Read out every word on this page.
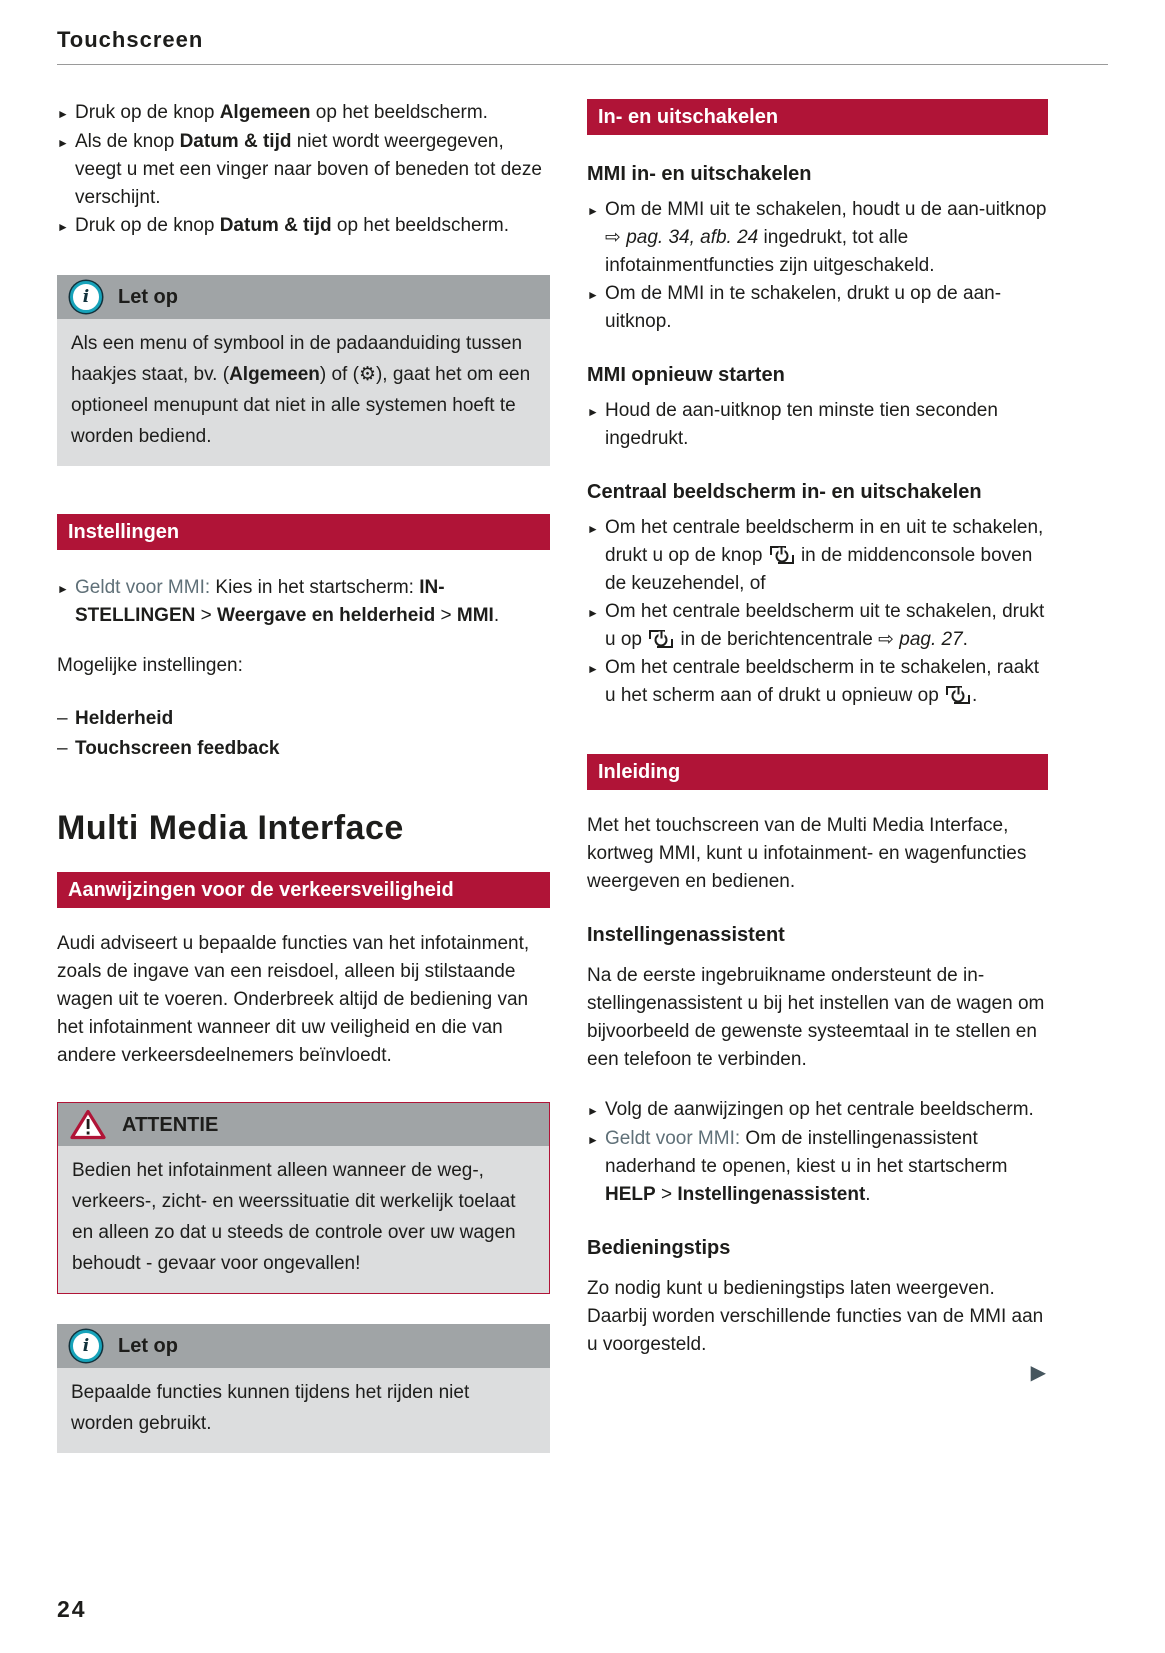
Touchscreen
► Druk op de knop Algemeen op het beeldscherm.
► Als de knop Datum & tijd niet wordt weergegeven, veegt u met een vinger naar boven of beneden tot deze verschijnt.
► Druk op de knop Datum & tijd op het beeldscherm.
i Let op
Als een menu of symbool in de padaanduiding tussen haakjes staat, bv. (Algemeen) of (⚙), gaat het om een optioneel menupunt dat niet in alle systemen hoeft te worden bediend.
Instellingen
► Geldt voor MMI: Kies in het startscherm: INSTELLINGEN > Weergave en helderheid > MMI.

Mogelijke instellingen:

– Helderheid
– Touchscreen feedback
Multi Media Interface
Aanwijzingen voor de verkeersveiligheid

Audi adviseert u bepaalde functies van het infotainment, zoals de ingave van een reisdoel, alleen bij stilstaande wagen uit te voeren. Onderbreek altijd de bediening van het infotainment wanneer dit uw veiligheid en die van andere verkeersdeelnemers beïnvloedt.

ATTENTIE
Bedien het infotainment alleen wanneer de weg-, verkeers-, zicht- en weerssituatie dit werkelijk toelaat en alleen zo dat u steeds de controle over uw wagen behoudt - gevaar voor ongevallen!
i Let op
Bepaalde functies kunnen tijdens het rijden niet worden gebruikt.
In- en uitschakelen
MMI in- en uitschakelen
► Om de MMI uit te schakelen, houdt u de aan-uitknop ⇨ pag. 34, afb. 24 ingedrukt, tot alle infotainmentfuncties zijn uitgeschakeld.
► Om de MMI in te schakelen, drukt u op de aan-uitknop.
MMI opnieuw starten
► Houd de aan-uitknop ten minste tien seconden ingedrukt.
Centraal beeldscherm in- en uitschakelen
► Om het centrale beeldscherm in en uit te schakelen, drukt u op de knop
in de middenconsole boven de keuzehendel, of
► Om het centrale beeldscherm uit te schakelen, drukt u op
in de berichtencentrale ⇨ pag. 27.
► Om het centrale beeldscherm in te schakelen, raakt u het scherm aan of drukt u opnieuw op
.
Inleiding

Met het touchscreen van de Multi Media Interface, kortweg MMI, kunt u infotainment- en wagenfuncties weergeven en bedienen.

Instellingenassistent

Na de eerste ingebruikname ondersteunt de instellingenassistent u bij het instellen van de wagen om bijvoorbeeld de gewenste systeemtaal in te stellen en een telefoon te verbinden.

► Volg de aanwijzingen op het centrale beeldscherm.
► Geldt voor MMI: Om de instellingenassistent naderhand te openen, kiest u in het startscherm HELP > Instellingenassistent.
Bedieningstips

Zo nodig kunt u bedieningstips laten weergeven. Daarbij worden verschillende functies van de MMI aan u voorgesteld.

▶
24
